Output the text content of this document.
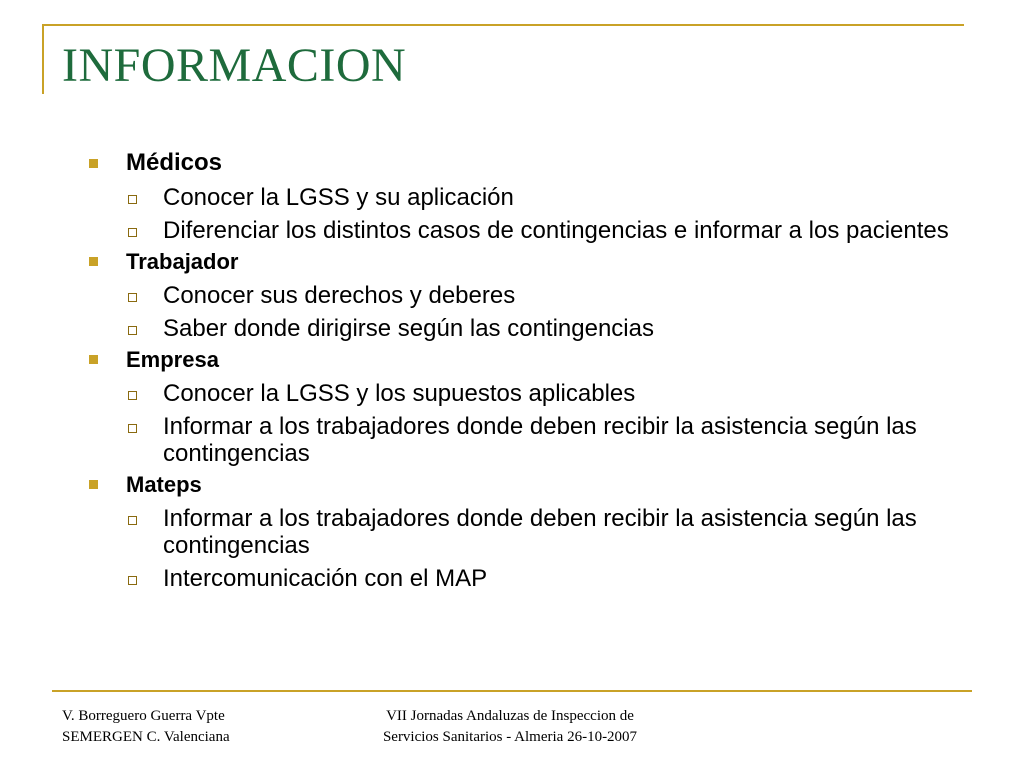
INFORMACION
Médicos
Conocer la LGSS y su aplicación
Diferenciar los distintos casos de contingencias e informar a los pacientes
Trabajador
Conocer sus derechos y deberes
Saber donde dirigirse según las contingencias
Empresa
Conocer la LGSS y los supuestos aplicables
Informar a los trabajadores donde deben recibir la asistencia según las contingencias
Mateps
Informar a los trabajadores donde deben recibir la asistencia según las contingencias
Intercomunicación con el MAP
V. Borreguero Guerra Vpte
SEMERGEN C. Valenciana
VII Jornadas Andaluzas de Inspeccion de
Servicios Sanitarios - Almeria 26-10-2007
